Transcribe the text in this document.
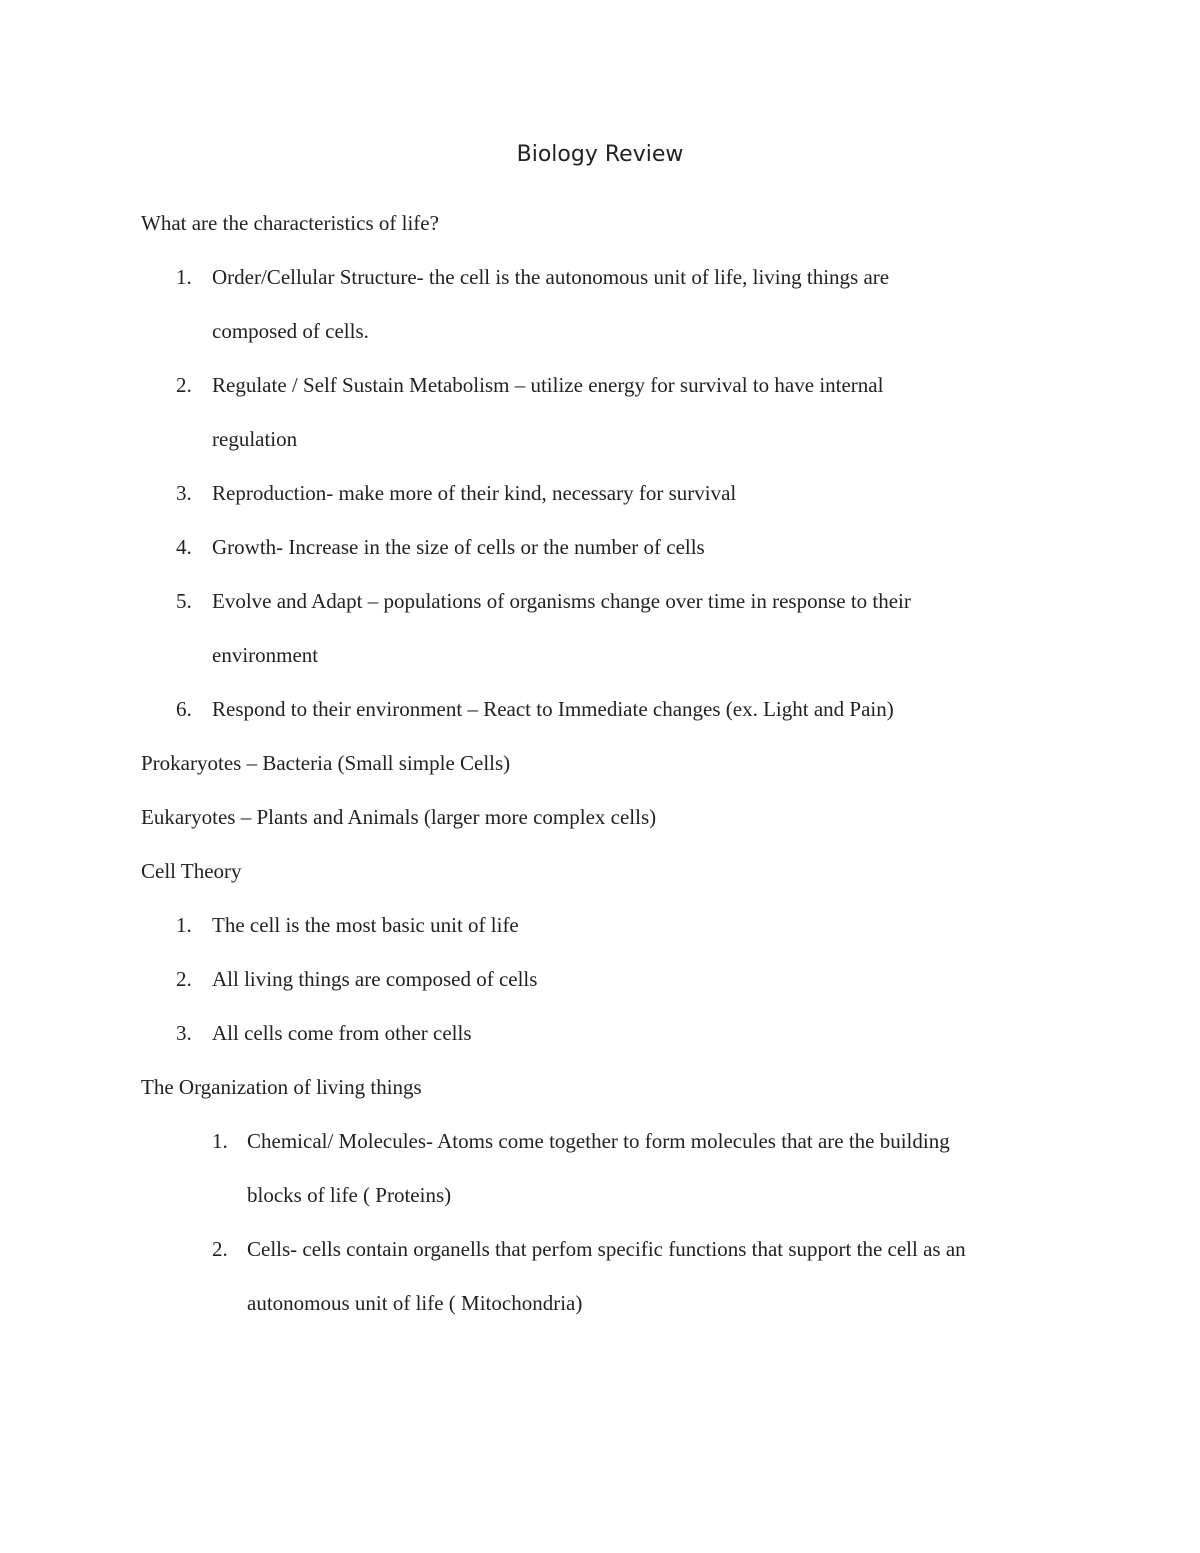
Biology Review

What are the characteristics of life?

1. Order/Cellular Structure- the cell is the autonomous unit of life, living things are
composed of cells.
2. Regulate / Self Sustain Metabolism – utilize energy for survival to have internal
regulation
3. Reproduction- make more of their kind, necessary for survival
4. Growth- Increase in the size of cells or the number of cells
5. Evolve and Adapt – populations of organisms change over time in response to their
environment
6. Respond to their environment – React to Immediate changes (ex. Light and Pain)

Prokaryotes – Bacteria (Small simple Cells)

Eukaryotes – Plants and Animals (larger more complex cells)

Cell Theory

1. The cell is the most basic unit of life
2. All living things are composed of cells
3. All cells come from other cells

The Organization of living things

1. Chemical/ Molecules- Atoms come together to form molecules that are the building
blocks of life ( Proteins)
2. Cells- cells contain organells that perfom specific functions that support the cell as an
autonomous unit of life ( Mitochondria)
